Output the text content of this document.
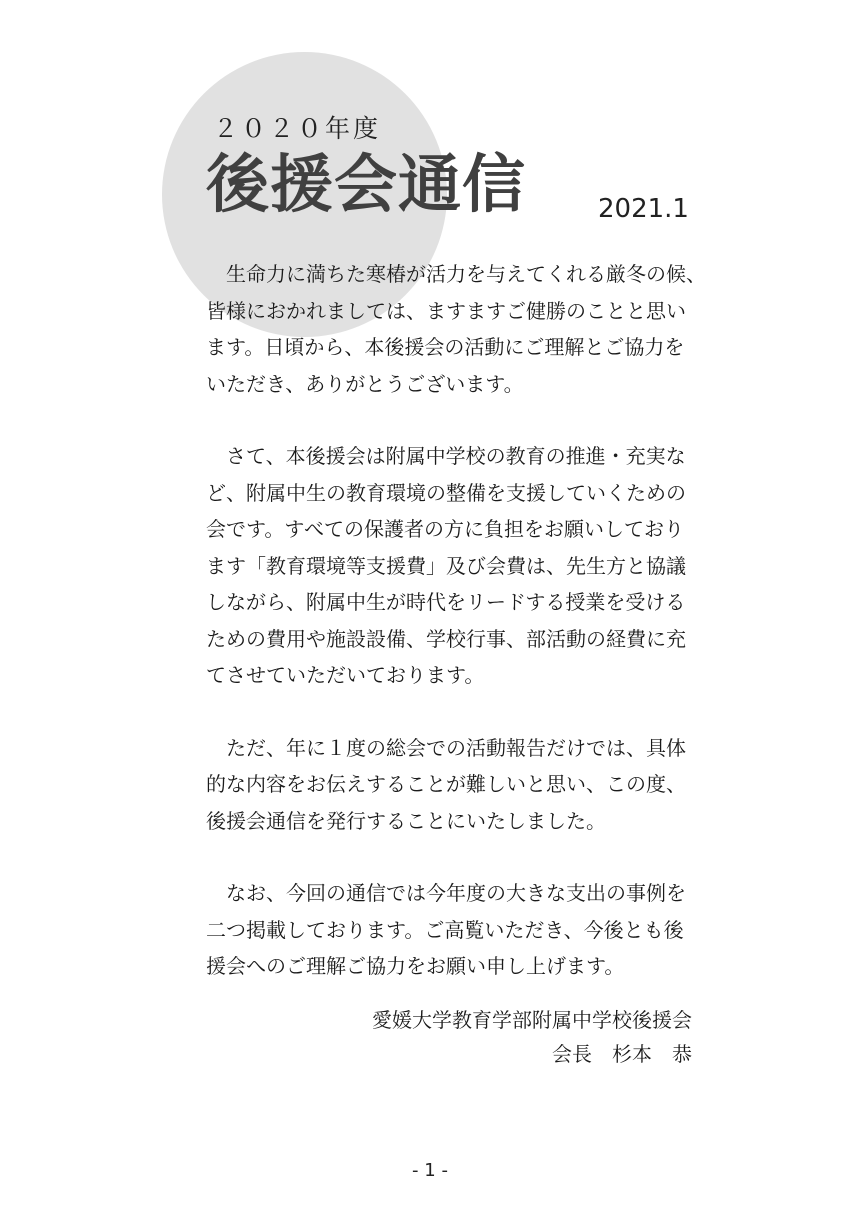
２０２０年度
後援会通信	2021.1

　生命力に満ちた寒椿が活力を与えてくれる厳冬の候、
皆様におかれましては、ますますご健勝のことと思い
ます。日頃から、本後援会の活動にご理解とご協力を
いただき、ありがとうございます。

　さて、本後援会は附属中学校の教育の推進・充実な
ど、附属中生の教育環境の整備を支援していくための
会です。すべての保護者の方に負担をお願いしており
ます「教育環境等支援費」及び会費は、先生方と協議
しながら、附属中生が時代をリードする授業を受ける
ための費用や施設設備、学校行事、部活動の経費に充
てさせていただいております。

　ただ、年に１度の総会での活動報告だけでは、具体
的な内容をお伝えすることが難しいと思い、この度、
後援会通信を発行することにいたしました。

　なお、今回の通信では今年度の大きな支出の事例を
二つ掲載しております。ご高覧いただき、今後とも後
援会へのご理解ご協力をお願い申し上げます。

愛媛大学教育学部附属中学校後援会
会長　杉本　恭
- 1 -
